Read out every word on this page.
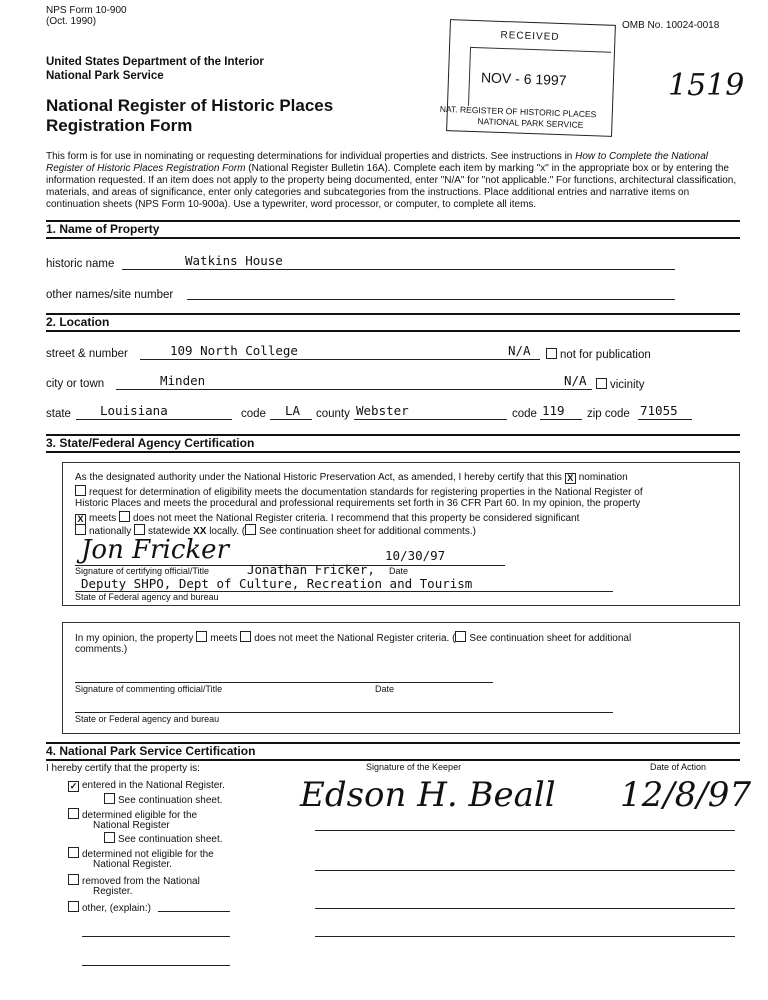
NPS Form 10-900
(Oct. 1990)	OMB No. 10024-0018
United States Department of the Interior
National Park Service
National Register of Historic Places
Registration Form
RECEIVED
NOV - 6 1997
NAT. REGISTER OF HISTORIC PLACES
NATIONAL PARK SERVICE
1519
This form is for use in nominating or requesting determinations for individual properties and districts. See instructions in How to Complete the National Register of Historic Places Registration Form (National Register Bulletin 16A). Complete each item by marking "x" in the appropriate box or by entering the information requested. If an item does not apply to the property being documented, enter "N/A" for "not applicable." For functions, architectural classification, materials, and areas of significance, enter only categories and subcategories from the instructions. Place additional entries and narrative items on continuation sheets (NPS Form 10-900a). Use a typewriter, word processor, or computer, to complete all items.
1. Name of Property
historic name	Watkins House
other names/site number
2. Location
street & number	109 North College	N/A	not for publication
city or town	Minden	N/A	vicinity
state Louisiana	code LA county Webster	code 119 zip code 71055
3. State/Federal Agency Certification
As the designated authority under the National Historic Preservation Act, as amended, I hereby certify that this X nomination
request for determination of eligibility meets the documentation standards for registering properties in the National Register of
Historic Places and meets the procedural and professional requirements set forth in 36 CFR Part 60. In my opinion, the property
X meets does not meet the National Register criteria. I recommend that this property be considered significant
nationally statewide XX locally. ( See continuation sheet for additional comments.)
Jon Fricker	10/30/97
Signature of certifying official/Title	Jonathan Fricker, Date
Deputy SHPO, Dept of Culture, Recreation and Tourism
State of Federal agency and bureau
In my opinion, the property meets does not meet the National Register criteria. ( See continuation sheet for additional
comments.)
Signature of commenting official/Title	Date
State or Federal agency and bureau
4. National Park Service Certification
I hereby certify that the property is:
✓ entered in the National Register.
See continuation sheet.
determined eligible for the
National Register
See continuation sheet.
determined not eligible for the
National Register.
removed from the National
Register.
other, (explain:)
Signature of the Keeper	Date of Action
Edson H. Beall 12/8/97
